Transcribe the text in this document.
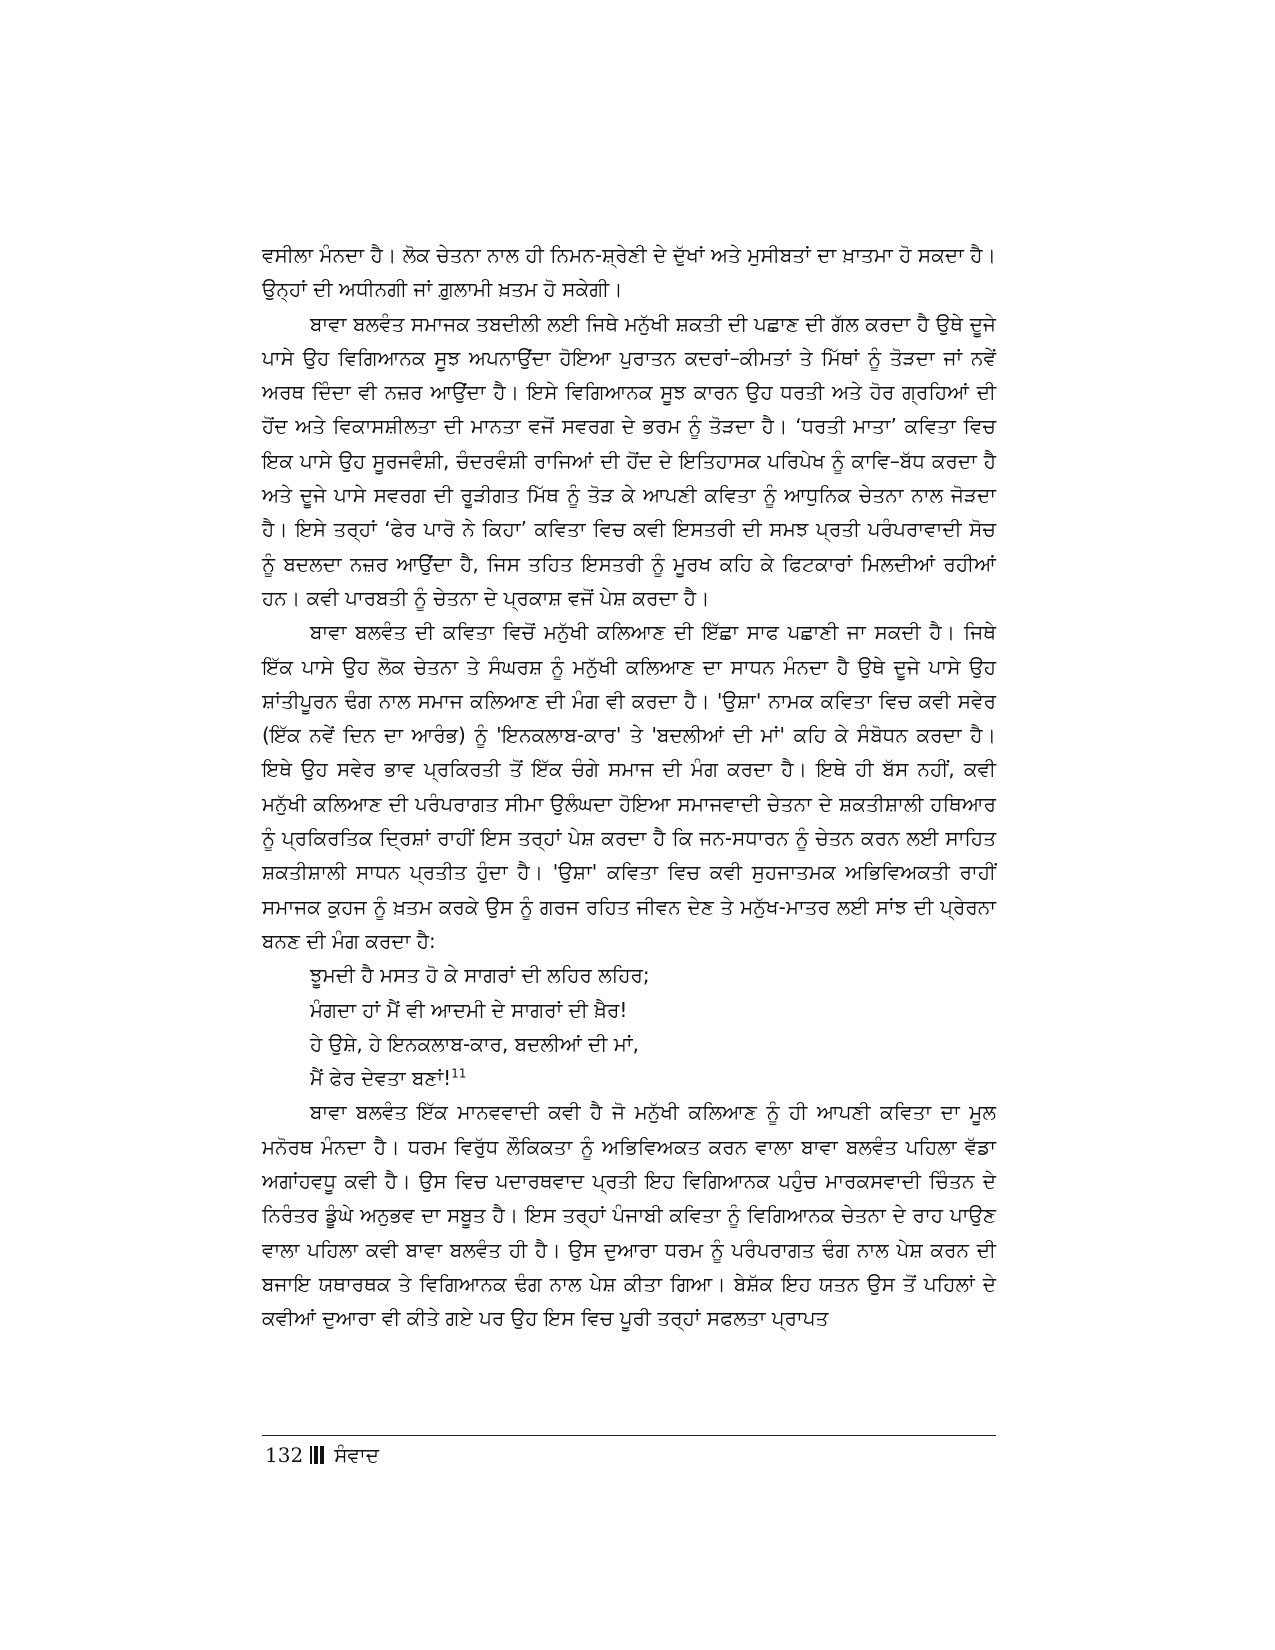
ਵਸੀਲਾ ਮੰਨਦਾ ਹੈ। ਲੋਕ ਚੇਤਨਾ ਨਾਲ ਹੀ ਨਿਮਨ-ਸ਼੍ਰੇਣੀ ਦੇ ਦੁੱਖਾਂ ਅਤੇ ਮੁਸੀਬਤਾਂ ਦਾ ਖ਼ਾਤਮਾ ਹੋ ਸਕਦਾ ਹੈ। ਉਨ੍ਹਾਂ ਦੀ ਅਧੀਨਗੀ ਜਾਂ ਗ਼ੁਲਾਮੀ ਖ਼ਤਮ ਹੋ ਸਕੇਗੀ।

ਬਾਵਾ ਬਲਵੰਤ ਸਮਾਜਕ ਤਬਦੀਲੀ ਲਈ ਜਿਥੇ ਮਨੁੱਖੀ ਸ਼ਕਤੀ ਦੀ ਪਛਾਣ ਦੀ ਗੱਲ ਕਰਦਾ ਹੈ ਉਥੇ ਦੂਜੇ ਪਾਸੇ ਉਹ ਵਿਗਿਆਨਕ ਸੂਝ ਅਪਨਾਉਂਦਾ ਹੋਇਆ ਪੁਰਾਤਨ ਕਦਰਾਂ–ਕੀਮਤਾਂ ਤੇ ਮਿੱਥਾਂ ਨੂੰ ਤੋੜਦਾ ਜਾਂ ਨਵੇਂ ਅਰਥ ਦਿੰਦਾ ਵੀ ਨਜ਼ਰ ਆਉਂਦਾ ਹੈ। ਇਸੇ ਵਿਗਿਆਨਕ ਸੂਝ ਕਾਰਨ ਉਹ ਧਰਤੀ ਅਤੇ ਹੋਰ ਗ੍ਰਹਿਆਂ ਦੀ ਹੋਂਦ ਅਤੇ ਵਿਕਾਸਸ਼ੀਲਤਾ ਦੀ ਮਾਨਤਾ ਵਜੋਂ ਸਵਰਗ ਦੇ ਭਰਮ ਨੂੰ ਤੋੜਦਾ ਹੈ। ‘ਧਰਤੀ ਮਾਤਾ’ ਕਵਿਤਾ ਵਿਚ ਇਕ ਪਾਸੇ ਉਹ ਸੂਰਜਵੰਸ਼ੀ, ਚੰਦਰਵੰਸ਼ੀ ਰਾਜਿਆਂ ਦੀ ਹੋਂਦ ਦੇ ਇਤਿਹਾਸਕ ਪਰਿਪੇਖ ਨੂੰ ਕਾਵਿ–ਬੱਧ ਕਰਦਾ ਹੈ ਅਤੇ ਦੂਜੇ ਪਾਸੇ ਸਵਰਗ ਦੀ ਰੂੜੀਗਤ ਮਿੱਥ ਨੂੰ ਤੋੜ ਕੇ ਆਪਣੀ ਕਵਿਤਾ ਨੂੰ ਆਧੁਨਿਕ ਚੇਤਨਾ ਨਾਲ ਜੋੜਦਾ ਹੈ। ਇਸੇ ਤਰ੍ਹਾਂ ‘ਫੇਰ ਪਾਰੋ ਨੇ ਕਿਹਾ’ ਕਵਿਤਾ ਵਿਚ ਕਵੀ ਇਸਤਰੀ ਦੀ ਸਮਝ ਪ੍ਰਤੀ ਪਰੰਪਰਾਵਾਦੀ ਸੋਚ ਨੂੰ ਬਦਲਦਾ ਨਜ਼ਰ ਆਉਂਦਾ ਹੈ, ਜਿਸ ਤਹਿਤ ਇਸਤਰੀ ਨੂੰ ਮੂਰਖ ਕਹਿ ਕੇ ਫਿਟਕਾਰਾਂ ਮਿਲਦੀਆਂ ਰਹੀਆਂ ਹਨ। ਕਵੀ ਪਾਰਬਤੀ ਨੂੰ ਚੇਤਨਾ ਦੇ ਪ੍ਰਕਾਸ਼ ਵਜੋਂ ਪੇਸ਼ ਕਰਦਾ ਹੈ।

ਬਾਵਾ ਬਲਵੰਤ ਦੀ ਕਵਿਤਾ ਵਿਚੋਂ ਮਨੁੱਖੀ ਕਲਿਆਣ ਦੀ ਇੱਛਾ ਸਾਫ ਪਛਾਣੀ ਜਾ ਸਕਦੀ ਹੈ। ਜਿਥੇ ਇੱਕ ਪਾਸੇ ਉਹ ਲੋਕ ਚੇਤਨਾ ਤੇ ਸੰਘਰਸ਼ ਨੂੰ ਮਨੁੱਖੀ ਕਲਿਆਣ ਦਾ ਸਾਧਨ ਮੰਨਦਾ ਹੈ ਉਥੇ ਦੂਜੇ ਪਾਸੇ ਉਹ ਸ਼ਾਂਤੀਪੂਰਨ ਢੰਗ ਨਾਲ ਸਮਾਜ ਕਲਿਆਣ ਦੀ ਮੰਗ ਵੀ ਕਰਦਾ ਹੈ। 'ਉਸ਼ਾ' ਨਾਮਕ ਕਵਿਤਾ ਵਿਚ ਕਵੀ ਸਵੇਰ (ਇੱਕ ਨਵੇਂ ਦਿਨ ਦਾ ਆਰੰਭ) ਨੂੰ 'ਇਨਕਲਾਬ-ਕਾਰ' ਤੇ 'ਬਦਲੀਆਂ ਦੀ ਮਾਂ' ਕਹਿ ਕੇ ਸੰਬੋਧਨ ਕਰਦਾ ਹੈ। ਇਥੇ ਉਹ ਸਵੇਰ ਭਾਵ ਪ੍ਰਕਿਰਤੀ ਤੋਂ ਇੱਕ ਚੰਗੇ ਸਮਾਜ ਦੀ ਮੰਗ ਕਰਦਾ ਹੈ। ਇਥੇ ਹੀ ਬੱਸ ਨਹੀਂ, ਕਵੀ ਮਨੁੱਖੀ ਕਲਿਆਣ ਦੀ ਪਰੰਪਰਾਗਤ ਸੀਮਾ ਉਲੰਘਦਾ ਹੋਇਆ ਸਮਾਜਵਾਦੀ ਚੇਤਨਾ ਦੇ ਸ਼ਕਤੀਸ਼ਾਲੀ ਹਥਿਆਰ ਨੂੰ ਪ੍ਰਕਿਰਤਿਕ ਦ੍ਰਿਸ਼ਾਂ ਰਾਹੀਂ ਇਸ ਤਰ੍ਹਾਂ ਪੇਸ਼ ਕਰਦਾ ਹੈ ਕਿ ਜਨ-ਸਧਾਰਨ ਨੂੰ ਚੇਤਨ ਕਰਨ ਲਈ ਸਾਹਿਤ ਸ਼ਕਤੀਸ਼ਾਲੀ ਸਾਧਨ ਪ੍ਰਤੀਤ ਹੁੰਦਾ ਹੈ। 'ਉਸ਼ਾ' ਕਵਿਤਾ ਵਿਚ ਕਵੀ ਸੁਹਜਾਤਮਕ ਅਭਿਵਿਅਕਤੀ ਰਾਹੀਂ ਸਮਾਜਕ ਕੁਹਜ ਨੂੰ ਖ਼ਤਮ ਕਰਕੇ ਉਸ ਨੂੰ ਗਰਜ ਰਹਿਤ ਜੀਵਨ ਦੇਣ ਤੇ ਮਨੁੱਖ-ਮਾਤਰ ਲਈ ਸਾਂਝ ਦੀ ਪ੍ਰੇਰਨਾ ਬਨਣ ਦੀ ਮੰਗ ਕਰਦਾ ਹੈ:

ਝੂਮਦੀ ਹੈ ਮਸਤ ਹੋ ਕੇ ਸਾਗਰਾਂ ਦੀ ਲਹਿਰ ਲਹਿਰ;
ਮੰਗਦਾ ਹਾਂ ਮੈਂ ਵੀ ਆਦਮੀ ਦੇ ਸਾਗਰਾਂ ਦੀ ਖ਼ੈਰ!
ਹੇ ਉਸ਼ੇ, ਹੇ ਇਨਕਲਾਬ-ਕਾਰ, ਬਦਲੀਆਂ ਦੀ ਮਾਂ,
ਮੈਂ ਫੇਰ ਦੇਵਤਾ ਬਣਾਂ!$^{11}$

ਬਾਵਾ ਬਲਵੰਤ ਇੱਕ ਮਾਨਵਵਾਦੀ ਕਵੀ ਹੈ ਜੋ ਮਨੁੱਖੀ ਕਲਿਆਣ ਨੂੰ ਹੀ ਆਪਣੀ ਕਵਿਤਾ ਦਾ ਮੂਲ ਮਨੋਰਥ ਮੰਨਦਾ ਹੈ। ਧਰਮ ਵਿਰੁੱਧ ਲੌਕਿਕਤਾ ਨੂੰ ਅਭਿਵਿਅਕਤ ਕਰਨ ਵਾਲਾ ਬਾਵਾ ਬਲਵੰਤ ਪਹਿਲਾ ਵੱਡਾ ਅਗਾਂਹਵਧੂ ਕਵੀ ਹੈ। ਉਸ ਵਿਚ ਪਦਾਰਥਵਾਦ ਪ੍ਰਤੀ ਇਹ ਵਿਗਿਆਨਕ ਪਹੁੰਚ ਮਾਰਕਸਵਾਦੀ ਚਿੰਤਨ ਦੇ ਨਿਰੰਤਰ ਡੂੰਘੇ ਅਨੁਭਵ ਦਾ ਸਬੂਤ ਹੈ। ਇਸ ਤਰ੍ਹਾਂ ਪੰਜਾਬੀ ਕਵਿਤਾ ਨੂੰ ਵਿਗਿਆਨਕ ਚੇਤਨਾ ਦੇ ਰਾਹ ਪਾਉਣ ਵਾਲਾ ਪਹਿਲਾ ਕਵੀ ਬਾਵਾ ਬਲਵੰਤ ਹੀ ਹੈ। ਉਸ ਦੁਆਰਾ ਧਰਮ ਨੂੰ ਪਰੰਪਰਾਗਤ ਢੰਗ ਨਾਲ ਪੇਸ਼ ਕਰਨ ਦੀ ਬਜਾਇ ਯਥਾਰਥਕ ਤੇ ਵਿਗਿਆਨਕ ਢੰਗ ਨਾਲ ਪੇਸ਼ ਕੀਤਾ ਗਿਆ। ਬੇਸ਼ੱਕ ਇਹ ਯਤਨ ਉਸ ਤੋਂ ਪਹਿਲਾਂ ਦੇ ਕਵੀਆਂ ਦੁਆਰਾ ਵੀ ਕੀਤੇ ਗਏ ਪਰ ਉਹ ਇਸ ਵਿਚ ਪੂਰੀ ਤਰ੍ਹਾਂ ਸਫਲਤਾ ਪ੍ਰਾਪਤ

132 ਸੰਵਾਦ
